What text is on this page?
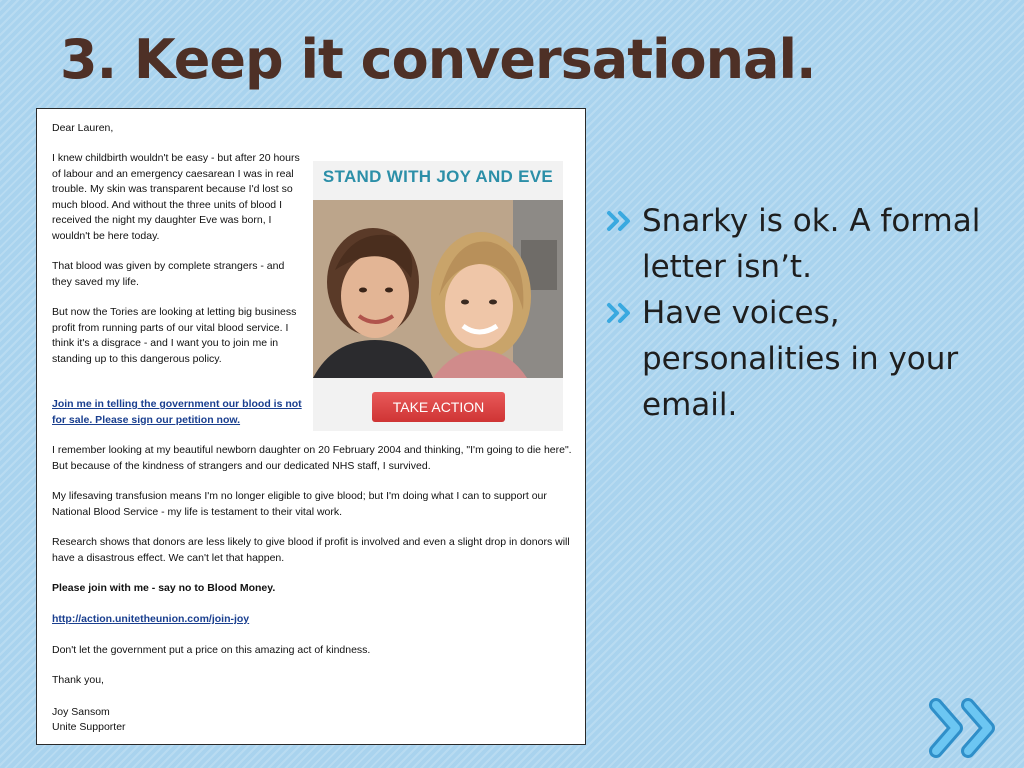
3. Keep it conversational.

Dear Lauren,

I knew childbirth wouldn't be easy - but after 20 hours of labour and an emergency caesarean I was in real trouble. My skin was transparent because I'd lost so much blood. And without the three units of blood I received the night my daughter Eve was born, I wouldn't be here today.

That blood was given by complete strangers - and they saved my life.

But now the Tories are looking at letting big business profit from running parts of our vital blood service. I think it's a disgrace - and I want you to join me in standing up to this dangerous policy.

Join me in telling the government our blood is not for sale. Please sign our petition now.

STAND WITH JOY AND EVE
TAKE ACTION

I remember looking at my beautiful newborn daughter on 20 February 2004 and thinking, "I'm going to die here". But because of the kindness of strangers and our dedicated NHS staff, I survived.

My lifesaving transfusion means I'm no longer eligible to give blood; but I'm doing what I can to support our National Blood Service - my life is testament to their vital work.

Research shows that donors are less likely to give blood if profit is involved and even a slight drop in donors will have a disastrous effect. We can't let that happen.

Please join with me - say no to Blood Money.

http://action.unitetheunion.com/join-joy

Don't let the government put a price on this amazing act of kindness.

Thank you,

Joy Sansom

Unite Supporter

Snarky is ok. A formal letter isn’t.
Have voices, personalities in your email.
